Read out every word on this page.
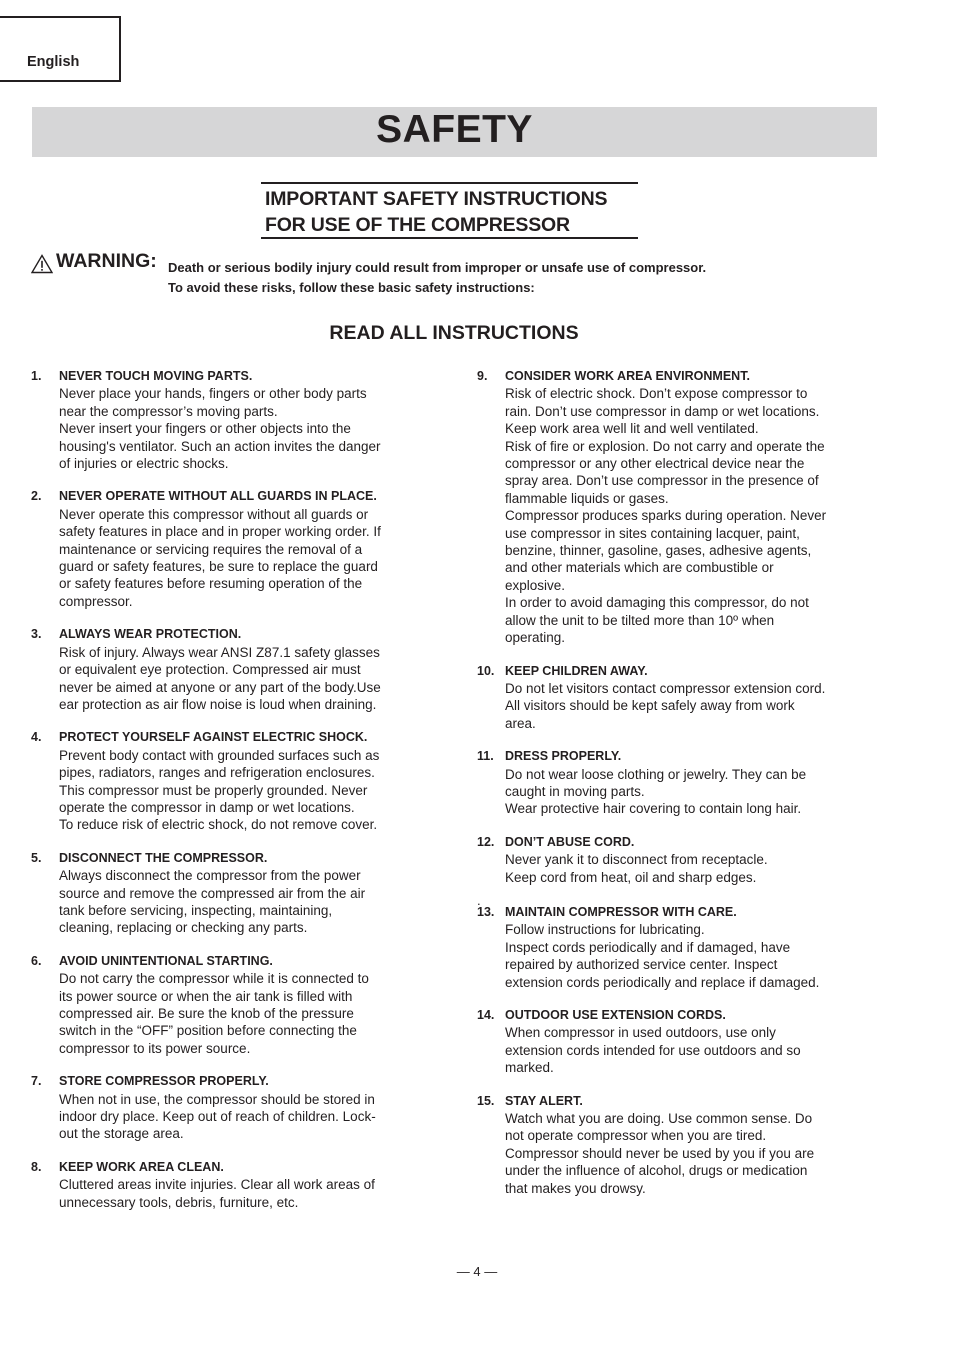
English
SAFETY
IMPORTANT SAFETY INSTRUCTIONS
FOR USE OF THE COMPRESSOR
WARNING: Death or serious bodily injury could result from improper or unsafe use of compressor.
To avoid these risks, follow these basic safety instructions:
READ ALL INSTRUCTIONS
1. NEVER TOUCH MOVING PARTS.
Never place your hands, fingers or other body parts
near the compressor’s moving parts.
Never insert your fingers or other objects into the
housing's ventilator. Such an action invites the danger
of injuries or electric shocks.
2. NEVER OPERATE WITHOUT ALL GUARDS IN PLACE.
Never operate this compressor without all guards or
safety features in place and in proper working order. If
maintenance or servicing requires the removal of a
guard or safety features, be sure to replace the guard
or safety features before resuming operation of the
compressor.
3. ALWAYS WEAR PROTECTION.
Risk of injury. Always wear ANSI Z87.1 safety glasses
or equivalent eye protection. Compressed air must
never be aimed at anyone or any part of the body.Use
ear protection as air flow noise is loud when draining.
4. PROTECT YOURSELF AGAINST ELECTRIC SHOCK.
Prevent body contact with grounded surfaces such as
pipes, radiators, ranges and refrigeration enclosures.
This compressor must be properly grounded. Never
operate the compressor in damp or wet locations.
To reduce risk of electric shock, do not remove cover.
5. DISCONNECT THE COMPRESSOR.
Always disconnect the compressor from the power
source and remove the compressed air from the air
tank before servicing, inspecting, maintaining,
cleaning, replacing or checking any parts.
6. AVOID UNINTENTIONAL STARTING.
Do not carry the compressor while it is connected to
its power source or when the air tank is filled with
compressed air. Be sure the knob of the pressure
switch in the “OFF” position before connecting the
compressor to its power source.
7. STORE COMPRESSOR PROPERLY.
When not in use, the compressor should be stored in
indoor dry place. Keep out of reach of children. Lock-
out the storage area.
8. KEEP WORK AREA CLEAN.
Cluttered areas invite injuries. Clear all work areas of
unnecessary tools, debris, furniture, etc.
9. CONSIDER WORK AREA ENVIRONMENT.
Risk of electric shock. Don’t expose compressor to
rain. Don’t use compressor in damp or wet locations.
Keep work area well lit and well ventilated.
Risk of fire or explosion. Do not carry and operate the
compressor or any other electrical device near the
spray area. Don’t use compressor in the presence of
flammable liquids or gases.
Compressor produces sparks during operation. Never
use compressor in sites containing lacquer, paint,
benzine, thinner, gasoline, gases, adhesive agents,
and other materials which are combustible or
explosive.
In order to avoid damaging this compressor, do not
allow the unit to be tilted more than 10º when
operating.
10. KEEP CHILDREN AWAY.
Do not let visitors contact compressor extension cord.
All visitors should be kept safely away from work
area.
11. DRESS PROPERLY.
Do not wear loose clothing or jewelry. They can be
caught in moving parts.
Wear protective hair covering to contain long hair.
12. DON’T ABUSE CORD.
Never yank it to disconnect from receptacle.
Keep cord from heat, oil and sharp edges.
13. MAINTAIN COMPRESSOR WITH CARE.
Follow instructions for lubricating.
Inspect cords periodically and if damaged, have
repaired by authorized service center. Inspect
extension cords periodically and replace if damaged.
14. OUTDOOR USE EXTENSION CORDS.
When compressor in used outdoors, use only
extension cords intended for use outdoors and so
marked.
15. STAY ALERT.
Watch what you are doing. Use common sense. Do
not operate compressor when you are tired.
Compressor should never be used by you if you are
under the influence of alcohol, drugs or medication
that makes you drowsy.
.
— 4 —
